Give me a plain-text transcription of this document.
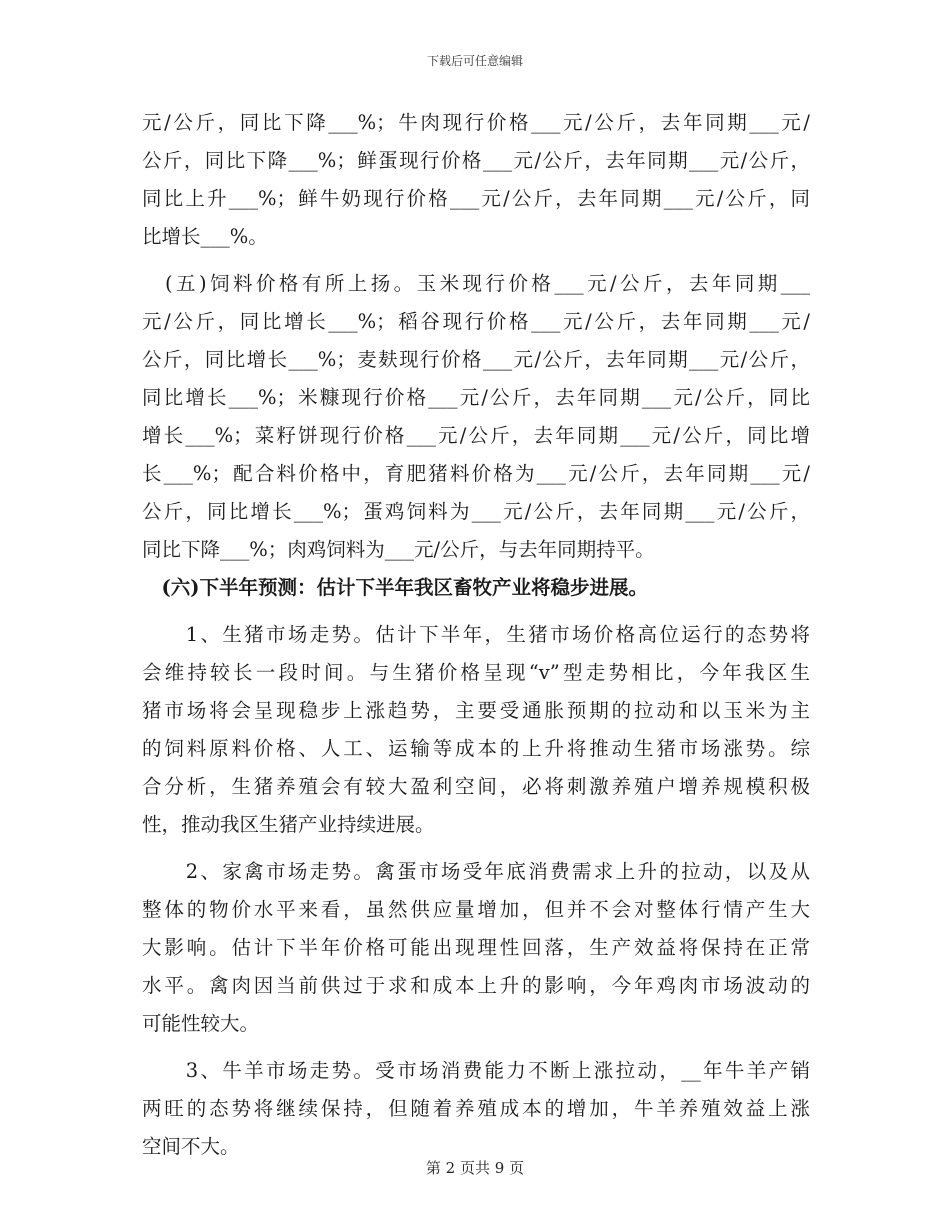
下载后可任意编辑
元/公斤，同比下降___%；牛肉现行价格___元/公斤，去年同期___元/
公斤，同比下降___%；鲜蛋现行价格___元/公斤，去年同期___元/公斤，
同比上升___%；鲜牛奶现行价格___元/公斤，去年同期___元/公斤，同
比增长___%。
　(五)饲料价格有所上扬。玉米现行价格___元/公斤，去年同期___
元/公斤，同比增长___%；稻谷现行价格___元/公斤，去年同期___元/
公斤，同比增长___%；麦麸现行价格___元/公斤，去年同期___元/公斤，
同比增长___%；米糠现行价格___元/公斤，去年同期___元/公斤，同比
增长___%；菜籽饼现行价格___元/公斤，去年同期___元/公斤，同比增
长___%；配合料价格中，育肥猪料价格为___元/公斤，去年同期___元/
公斤，同比增长___%；蛋鸡饲料为___元/公斤，去年同期___元/公斤，
同比下降___%；肉鸡饲料为___元/公斤，与去年同期持平。
　(六)下半年预测：估计下半年我区畜牧产业将稳步进展。
　　1、生猪市场走势。估计下半年，生猪市场价格高位运行的态势将
会维持较长一段时间。与生猪价格呈现“v”型走势相比，今年我区生
猪市场将会呈现稳步上涨趋势，主要受通胀预期的拉动和以玉米为主
的饲料原料价格、人工、运输等成本的上升将推动生猪市场涨势。综
合分析，生猪养殖会有较大盈利空间，必将刺激养殖户增养规模积极
性，推动我区生猪产业持续进展。
　　2、家禽市场走势。禽蛋市场受年底消费需求上升的拉动，以及从
整体的物价水平来看，虽然供应量增加，但并不会对整体行情产生大
大影响。估计下半年价格可能出现理性回落，生产效益将保持在正常
水平。禽肉因当前供过于求和成本上升的影响，今年鸡肉市场波动的
可能性较大。
　　3、牛羊市场走势。受市场消费能力不断上涨拉动，__年牛羊产销
两旺的态势将继续保持，但随着养殖成本的增加，牛羊养殖效益上涨
空间不大。
第 2 页共 9 页
